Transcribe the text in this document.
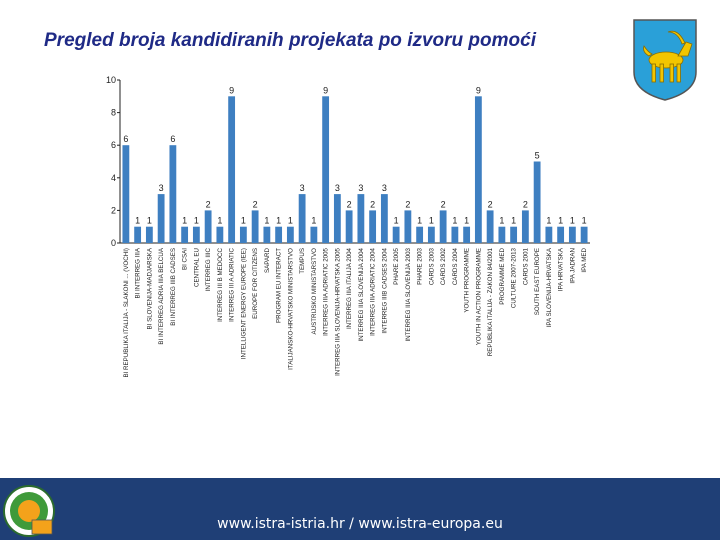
Pregled broja kandidiranih projekata po izvoru pomoći
0
2
4
6
8
10
6
1 1
3
6
1 1
2
1
9
1
2
1 1 1
3
1
9
3
2
3
2
3
1
2
1 1
2
1 1
9
2
1 1
2
5
1 1 1 1
BI REPUBLIKA ITALIJA - SLAKONI ... (VOCHI) BI INTERREG IIIA BI SLOVENIJA-MADJARSKA BI INTERREG ADRIA IIIA BELCUA BI INTERREG IIIB CADSES BI CSAI CENTRAL EU INTERREG IIIC INTERREG III B MEDOCC INTERREG III A ADRIATIC INTELLIGENT ENERGY EUROPE (IEE) EUROPE FOR CITIZENS SAPARD PROGRAM EU INTERACT ITALIJANSKO-HRVATSKO MINISTARSTVO TEMPUS AUSTRIJSKO MINISTARSTVO INTERREG IIIA ADRIATIC 2005 INTERREG IIIA SLOVENIJA-HRVATSKA 2005 INTERREG IIIA ITALIJA 2004 INTERREG IIIA SLOVENIJA 2004 INTERREG IIIA ADRIATIC 2004 INTERREG IIIB CADSES 2004 PHARE 2005 INTERREG IIIA SLOVENIJA 2003 PHARE 2003 CARDS 2003 CARDS 2002 CARDS 2004 YOUTH PROGRAMME YOUTH IN ACTION PROGRAMME REPUBLIKA ITALIJA - ZAKON 84/2001 PROGRAMME MED CULTURE 2007-2013 CARDS 2001 SOUTH EAST EUROPE IPA SLOVENIJA-HRVATSKA IPA HRVATSKA IPA JADRAN IPA MED
www.istra-istria.hr / www.istra-europa.eu
